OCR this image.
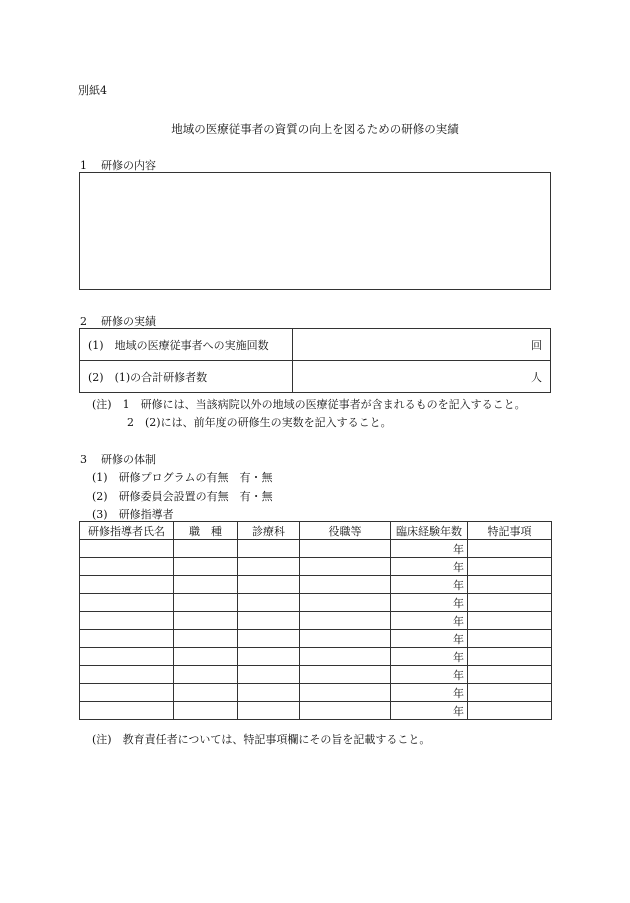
別紙4
地域の医療従事者の資質の向上を図るための研修の実績
1 研修の内容
2 研修の実績
(1)　地域の医療従事者への実施回数	回
(2)　(1)の合計研修者数	人
(注)　1　研修には、当該病院以外の地域の医療従事者が含まれるものを記入すること。
2　(2)には、前年度の研修生の実数を記入すること。
3 研修の体制
(1)　研修プログラムの有無　有・無
(2)　研修委員会設置の有無　有・無
(3)　研修指導者
研修指導者氏名	職　種	診療科	役職等	臨床経験年数	特記事項
				年	
				年	
				年	
				年	
				年	
				年	
				年	
				年	
				年	
				年	
(注)　教育責任者については、特記事項欄にその旨を記載すること。
